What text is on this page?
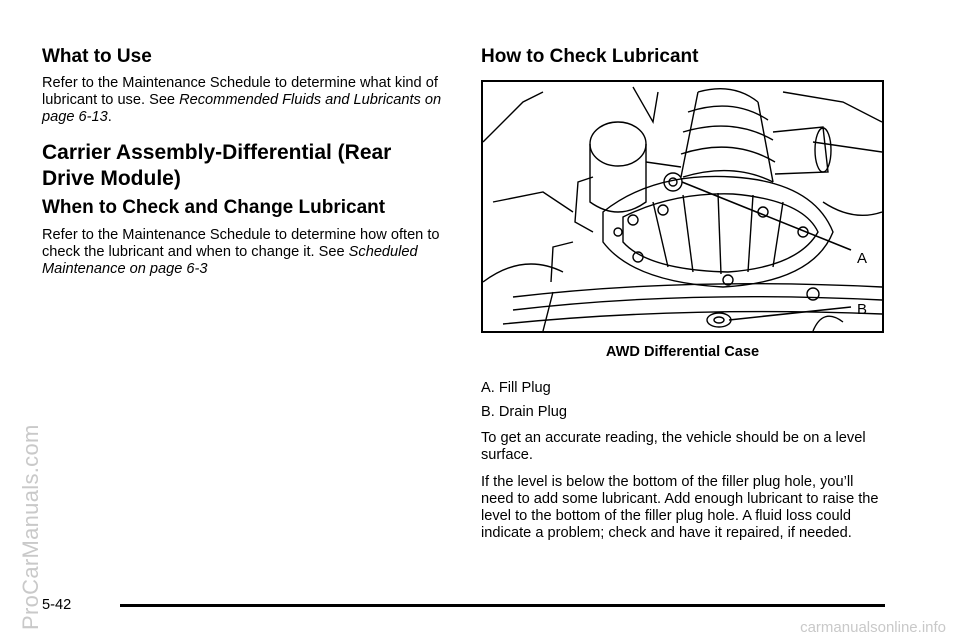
What to Use

Refer to the Maintenance Schedule to determine what kind of lubricant to use. See Recommended Fluids and Lubricants on page 6-13.

Carrier Assembly-Differential (Rear Drive Module)
When to Check and Change Lubricant

Refer to the Maintenance Schedule to determine how often to check the lubricant and when to change it. See Scheduled Maintenance on page 6-3

How to Check Lubricant
A
B
AWD Differential Case

A. Fill Plug

B. Drain Plug

To get an accurate reading, the vehicle should be on a level surface.

If the level is below the bottom of the filler plug hole, you’ll need to add some lubricant. Add enough lubricant to raise the level to the bottom of the filler plug hole. A fluid loss could indicate a problem; check and have it repaired, if needed.

ProCarManuals.com 5-42
carmanualsonline.info
